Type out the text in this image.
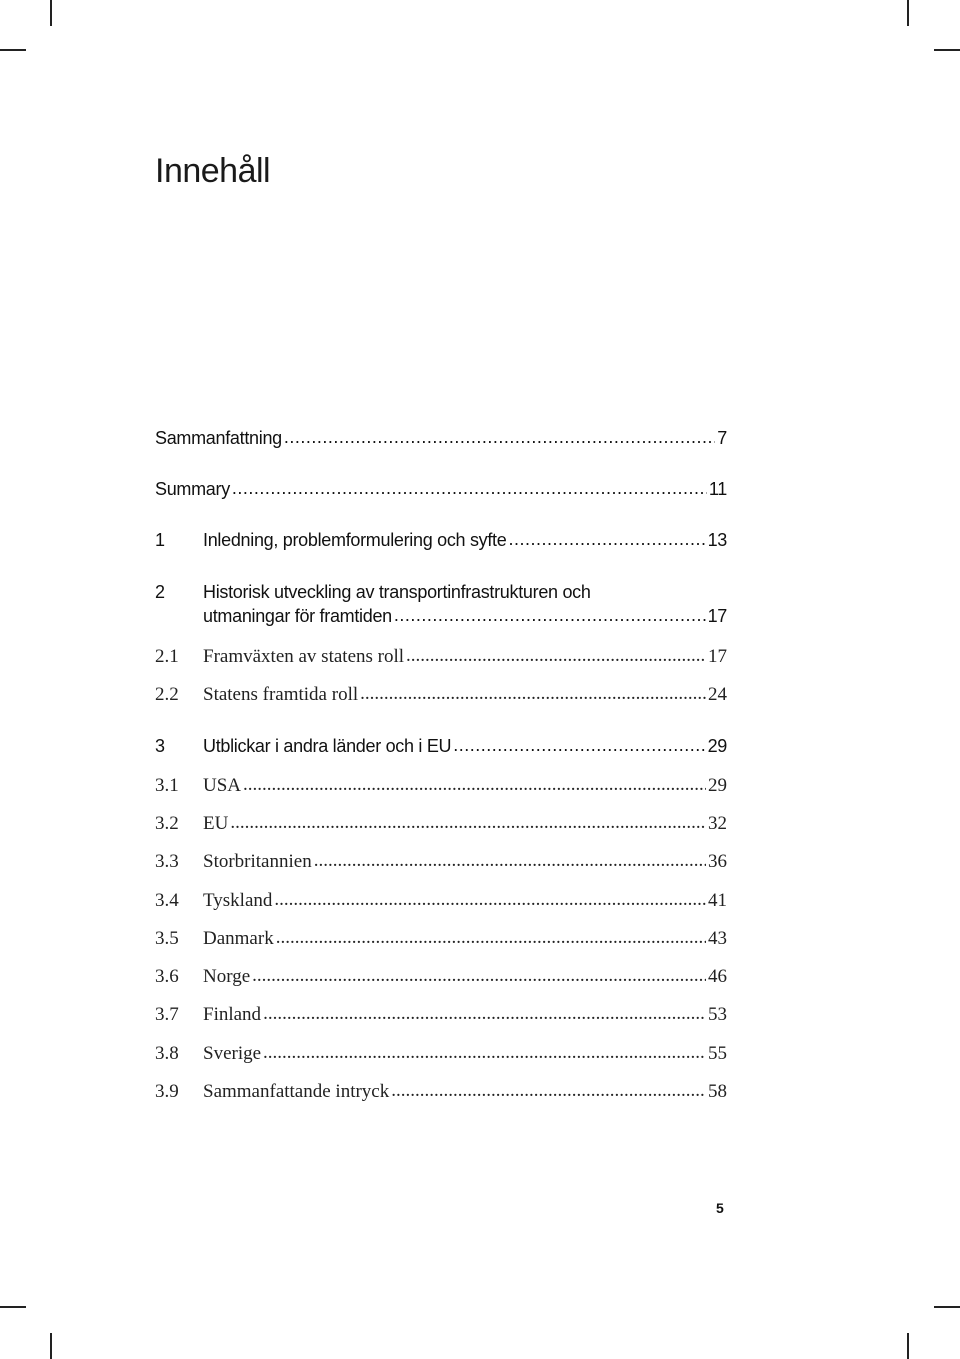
Innehåll
Sammanfattning .....	7
Summary .....	11
1	Inledning, problemformulering och syfte .....	13
2	Historisk utveckling av transportinfrastrukturen och
utmaningar för framtiden .....	17
2.1	Framväxten av statens roll .....	17
2.2	Statens framtida roll .....	24
3	Utblickar i andra länder och i EU .....	29
3.1	USA .....	29
3.2	EU .....	32
3.3	Storbritannien .....	36
3.4	Tyskland .....	41
3.5	Danmark .....	43
3.6	Norge .....	46
3.7	Finland .....	53
3.8	Sverige .....	55
3.9	Sammanfattande intryck .....	58
5
